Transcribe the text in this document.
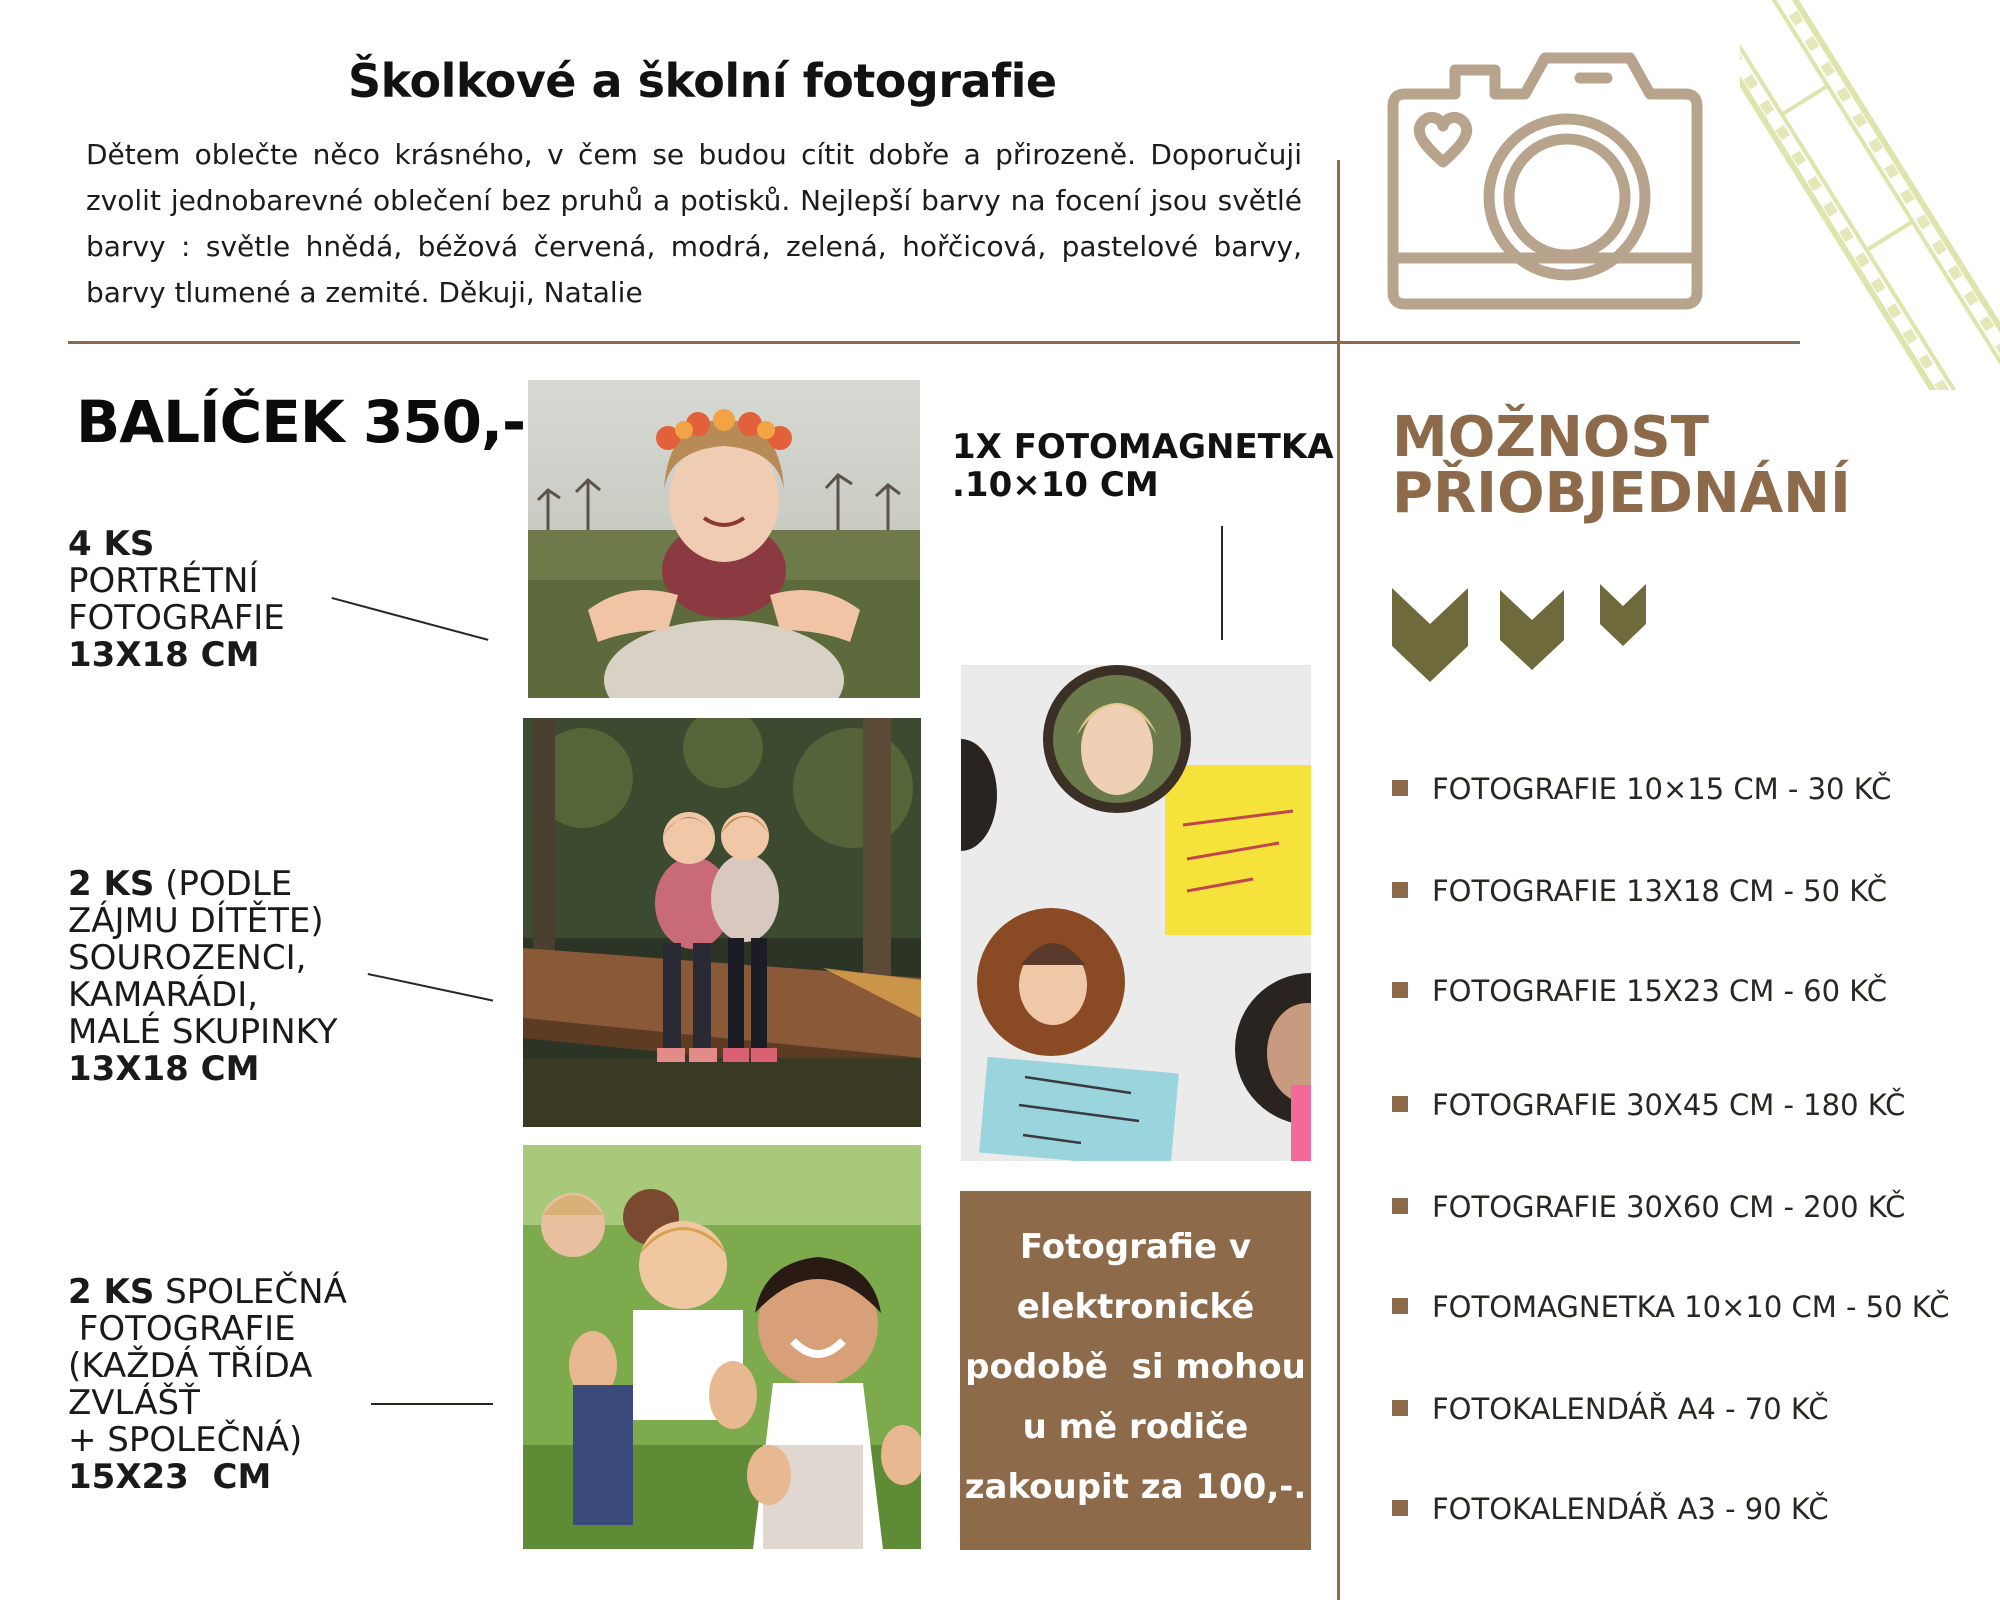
Školkové a školní fotografie
Dětem oblečte něco krásného, v čem se budou cítit dobře a přirozeně. Doporučuji zvolit jednobarevné oblečení bez pruhů a potisků. Nejlepší barvy na focení jsou světlé barvy : světle hnědá, béžová červená, modrá, zelená, hořčicová, pastelové barvy, barvy tlumené a zemité. Děkuji, Natalie
BALÍČEK 350,-
4 KS
PORTRÉTNÍ
FOTOGRAFIE
13X18 CM
2 KS (PODLE
ZÁJMU DÍTĚTE)
SOUROZENCI,
KAMARÁDI,
MALÉ SKUPINKY
13X18 CM
2 KS SPOLEČNÁ
FOTOGRAFIE
(KAŽDÁ TŘÍDA
ZVLÁŠŤ
+ SPOLEČNÁ)
15X23  CM
1X FOTOMAGNETKA
.10×10 CM
Fotografie v
elektronické
podobě  si mohou
u mě rodiče
zakoupit za 100,-.
MOŽNOST
PŘIOBJEDNÁNÍ
FOTOGRAFIE 10×15 CM - 30 KČ
FOTOGRAFIE 13X18 CM - 50 KČ
FOTOGRAFIE 15X23 CM - 60 KČ
FOTOGRAFIE 30X45 CM - 180 KČ
FOTOGRAFIE 30X60 CM - 200 KČ
FOTOMAGNETKA 10×10 CM - 50 KČ
FOTOKALENDÁŘ A4 - 70 KČ
FOTOKALENDÁŘ A3 - 90 KČ
